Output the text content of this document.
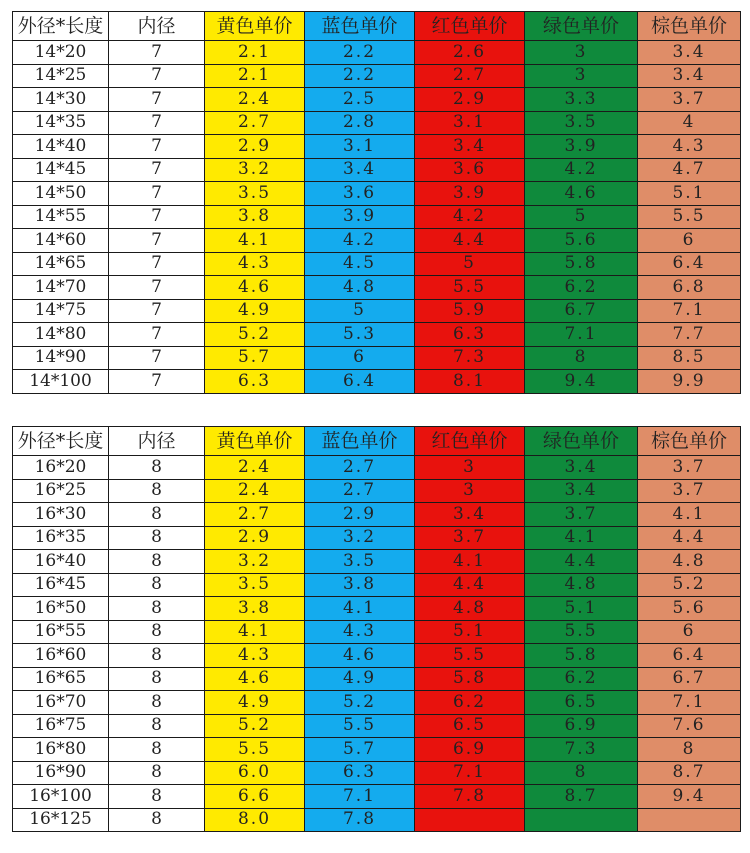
外径*长度	内径	黄色单价	蓝色单价	红色单价	绿色单价	棕色单价
14*20	7	2.1	2.2	2.6	3	3.4
14*25	7	2.1	2.2	2.7	3	3.4
14*30	7	2.4	2.5	2.9	3.3	3.7
14*35	7	2.7	2.8	3.1	3.5	4
14*40	7	2.9	3.1	3.4	3.9	4.3
14*45	7	3.2	3.4	3.6	4.2	4.7
14*50	7	3.5	3.6	3.9	4.6	5.1
14*55	7	3.8	3.9	4.2	5	5.5
14*60	7	4.1	4.2	4.4	5.6	6
14*65	7	4.3	4.5	5	5.8	6.4
14*70	7	4.6	4.8	5.5	6.2	6.8
14*75	7	4.9	5	5.9	6.7	7.1
14*80	7	5.2	5.3	6.3	7.1	7.7
14*90	7	5.7	6	7.3	8	8.5
14*100	7	6.3	6.4	8.1	9.4	9.9
外径*长度	内径	黄色单价	蓝色单价	红色单价	绿色单价	棕色单价
16*20	8	2.4	2.7	3	3.4	3.7
16*25	8	2.4	2.7	3	3.4	3.7
16*30	8	2.7	2.9	3.4	3.7	4.1
16*35	8	2.9	3.2	3.7	4.1	4.4
16*40	8	3.2	3.5	4.1	4.4	4.8
16*45	8	3.5	3.8	4.4	4.8	5.2
16*50	8	3.8	4.1	4.8	5.1	5.6
16*55	8	4.1	4.3	5.1	5.5	6
16*60	8	4.3	4.6	5.5	5.8	6.4
16*65	8	4.6	4.9	5.8	6.2	6.7
16*70	8	4.9	5.2	6.2	6.5	7.1
16*75	8	5.2	5.5	6.5	6.9	7.6
16*80	8	5.5	5.7	6.9	7.3	8
16*90	8	6.0	6.3	7.1	8	8.7
16*100	8	6.6	7.1	7.8	8.7	9.4
16*125	8	8.0	7.8			
